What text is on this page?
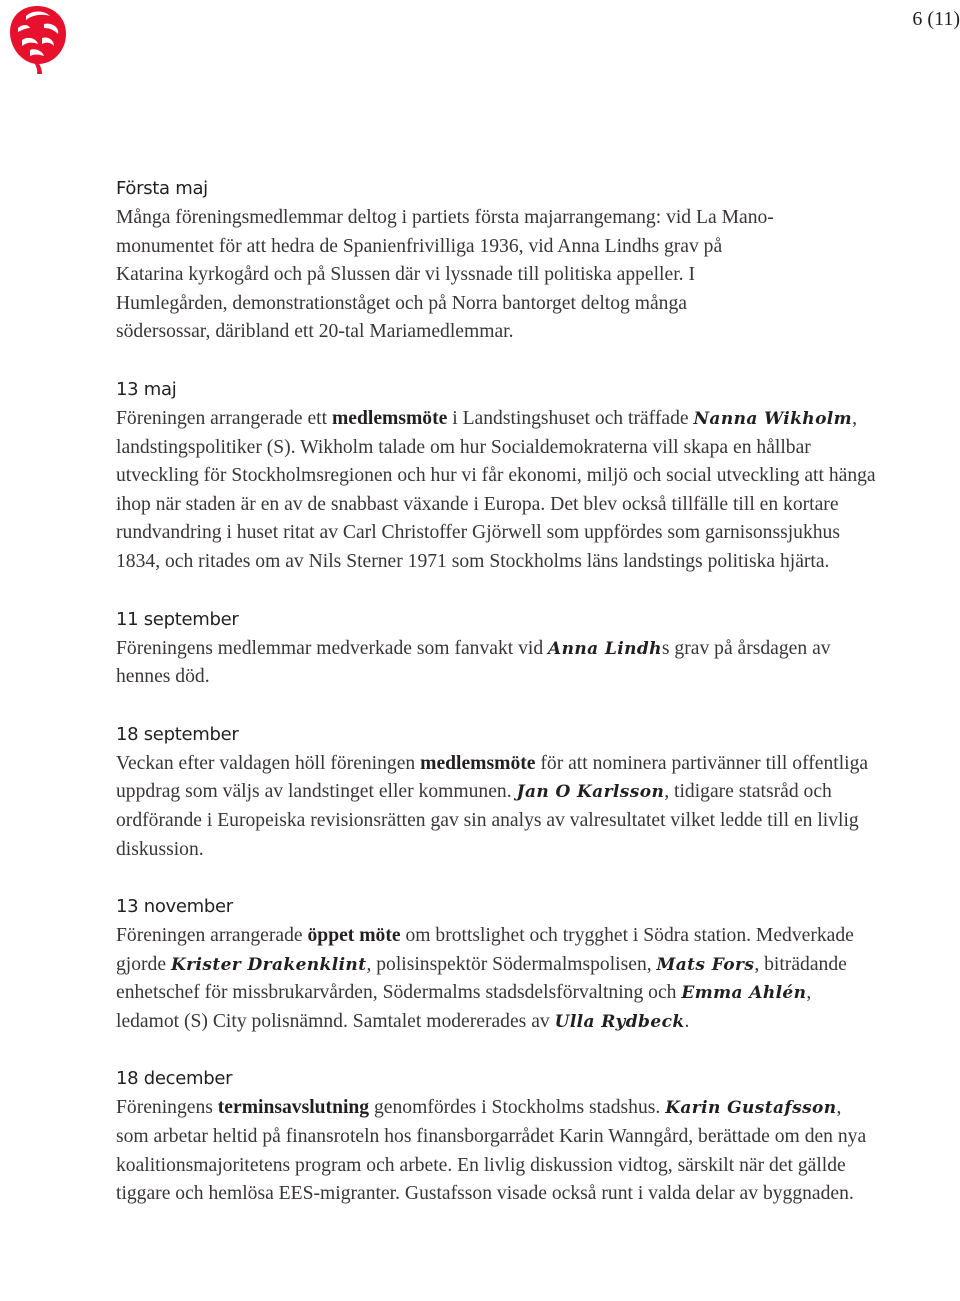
6 (11)
Första maj
Många föreningsmedlemmar deltog i partiets första majarrangemang: vid La Mano-
monumentet för att hedra de Spanienfrivilliga 1936, vid Anna Lindhs grav på
Katarina kyrkogård och på Slussen där vi lyssnade till politiska appeller. I
Humlegården, demonstrationståget och på Norra bantorget deltog många
södersossar, däribland ett 20-tal Mariamedlemmar.
13 maj
Föreningen arrangerade ett medlemsmöte i Landstingshuset och träffade Nanna Wikholm, landstingspolitiker (S). Wikholm talade om hur Socialdemokraterna vill skapa en hållbar utveckling för Stockholmsregionen och hur vi får ekonomi, miljö och social utveckling att hänga ihop när staden är en av de snabbast växande i Europa. Det blev också tillfälle till en kortare rundvandring i huset ritat av Carl Christoffer Gjörwell som uppfördes som garnisonssjukhus 1834, och ritades om av Nils Sterner 1971 som Stockholms läns landstings politiska hjärta.
11 september
Föreningens medlemmar medverkade som fanvakt vid Anna Lindhs grav på årsdagen av hennes död.
18 september
Veckan efter valdagen höll föreningen medlemsmöte för att nominera partivänner till offentliga uppdrag som väljs av landstinget eller kommunen. Jan O Karlsson, tidigare statsråd och ordförande i Europeiska revisionsrätten gav sin analys av valresultatet vilket ledde till en livlig diskussion.
13 november
Föreningen arrangerade öppet möte om brottslighet och trygghet i Södra station. Medverkade gjorde Krister Drakenklint, polisinspektör Södermalmspolisen, Mats Fors, biträdande enhetschef för missbrukarvården, Södermalms stadsdelsförvaltning och Emma Ahlén, ledamot (S) City polisnämnd. Samtalet modererades av Ulla Rydbeck.
18 december
Föreningens terminsavslutning genomfördes i Stockholms stadshus. Karin Gustafsson, som arbetar heltid på finansroteln hos finansborgarrådet Karin Wanngård, berättade om den nya koalitionsmajoritetens program och arbete. En livlig diskussion vidtog, särskilt när det gällde tiggare och hemlösa EES-migranter. Gustafsson visade också runt i valda delar av byggnaden.
